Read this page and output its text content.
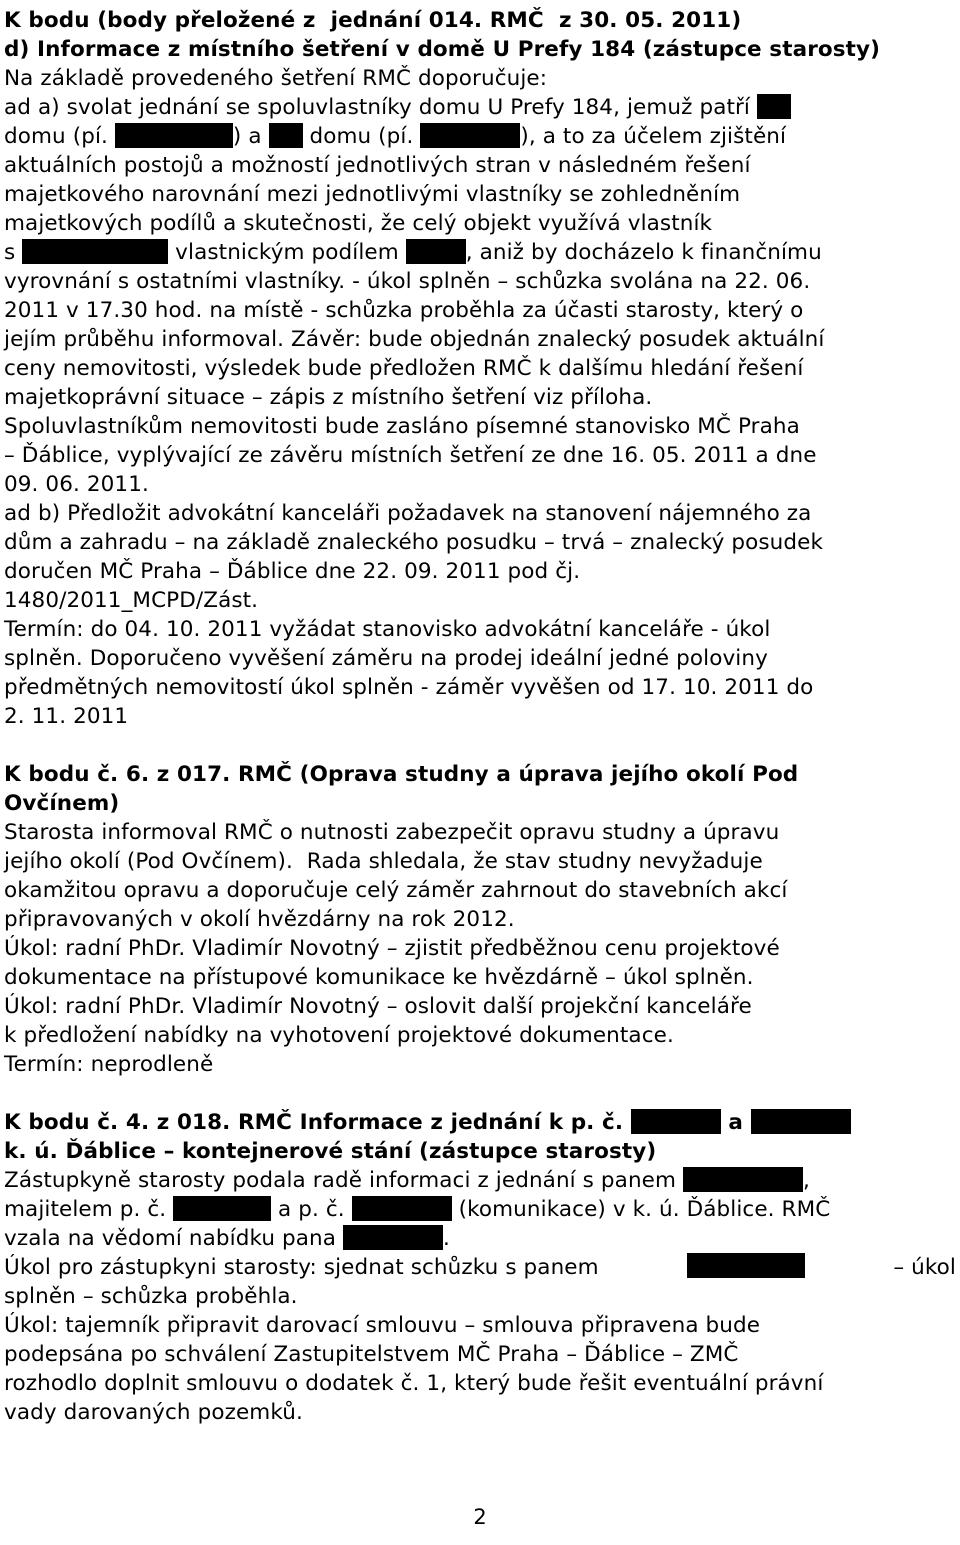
K bodu (body přeložené z  jednání 014. RMČ  z 30. 05. 2011)
d) Informace z místního šetření v domě U Prefy 184 (zástupce starosty)
Na základě provedeného šetření RMČ doporučuje:
ad a) svolat jednání se spoluvlastníky domu U Prefy 184, jemuž patří
domu (pí.	) a  domu (pí.	), a to za účelem zjištění
aktuálních postojů a možností jednotlivých stran v následném řešení
majetkového narovnání mezi jednotlivými vlastníky se zohledněním
majetkových podílů a skutečnosti, že celý objekt využívá vlastník
s	vlastnickým podílem	, aniž by docházelo k finančnímu
vyrovnání s ostatními vlastníky. - úkol splněn – schůzka svolána na 22. 06.
2011 v 17.30 hod. na místě - schůzka proběhla za účasti starosty, který o
jejím průběhu informoval. Závěr: bude objednán znalecký posudek aktuální
ceny nemovitosti, výsledek bude předložen RMČ k dalšímu hledání řešení
majetkoprávní situace – zápis z místního šetření viz příloha.
Spoluvlastníkům nemovitosti bude zasláno písemné stanovisko MČ Praha
– Ďáblice, vyplývající ze závěru místních šetření ze dne 16. 05. 2011 a dne
09. 06. 2011.
ad b) Předložit advokátní kanceláři požadavek na stanovení nájemného za
dům a zahradu – na základě znaleckého posudku – trvá – znalecký posudek
doručen MČ Praha – Ďáblice dne 22. 09. 2011 pod čj.
1480/2011_MCPD/Zást.
Termín: do 04. 10. 2011 vyžádat stanovisko advokátní kanceláře - úkol
splněn. Doporučeno vyvěšení záměru na prodej ideální jedné poloviny
předmětných nemovitostí úkol splněn - záměr vyvěšen od 17. 10. 2011 do
2. 11. 2011
K bodu č. 6. z 017. RMČ (Oprava studny a úprava jejího okolí Pod
Ovčínem)
Starosta informoval RMČ o nutnosti zabezpečit opravu studny a úpravu
jejího okolí (Pod Ovčínem).  Rada shledala, že stav studny nevyžaduje
okamžitou opravu a doporučuje celý záměr zahrnout do stavebních akcí
připravovaných v okolí hvězdárny na rok 2012.
Úkol: radní PhDr. Vladimír Novotný – zjistit předběžnou cenu projektové
dokumentace na přístupové komunikace ke hvězdárně – úkol splněn.
Úkol: radní PhDr. Vladimír Novotný – oslovit další projekční kanceláře
k předložení nabídky na vyhotovení projektové dokumentace.
Termín: neprodleně
K bodu č. 4. z 018. RMČ Informace z jednání k p. č.	a
k. ú. Ďáblice – kontejnerové stání (zástupce starosty)
Zástupkyně starosty podala radě informaci z jednání s panem	,
majitelem p. č.	a p. č.	(komunikace) v k. ú. Ďáblice. RMČ
vzala na vědomí nabídku pana	.
Úkol pro zástupkyni starosty: sjednat schůzku s panem	– úkol
splněn – schůzka proběhla.
Úkol: tajemník připravit darovací smlouvu – smlouva připravena bude
podepsána po schválení Zastupitelstvem MČ Praha – Ďáblice – ZMČ
rozhodlo doplnit smlouvu o dodatek č. 1, který bude řešit eventuální právní
vady darovaných pozemků.
2
